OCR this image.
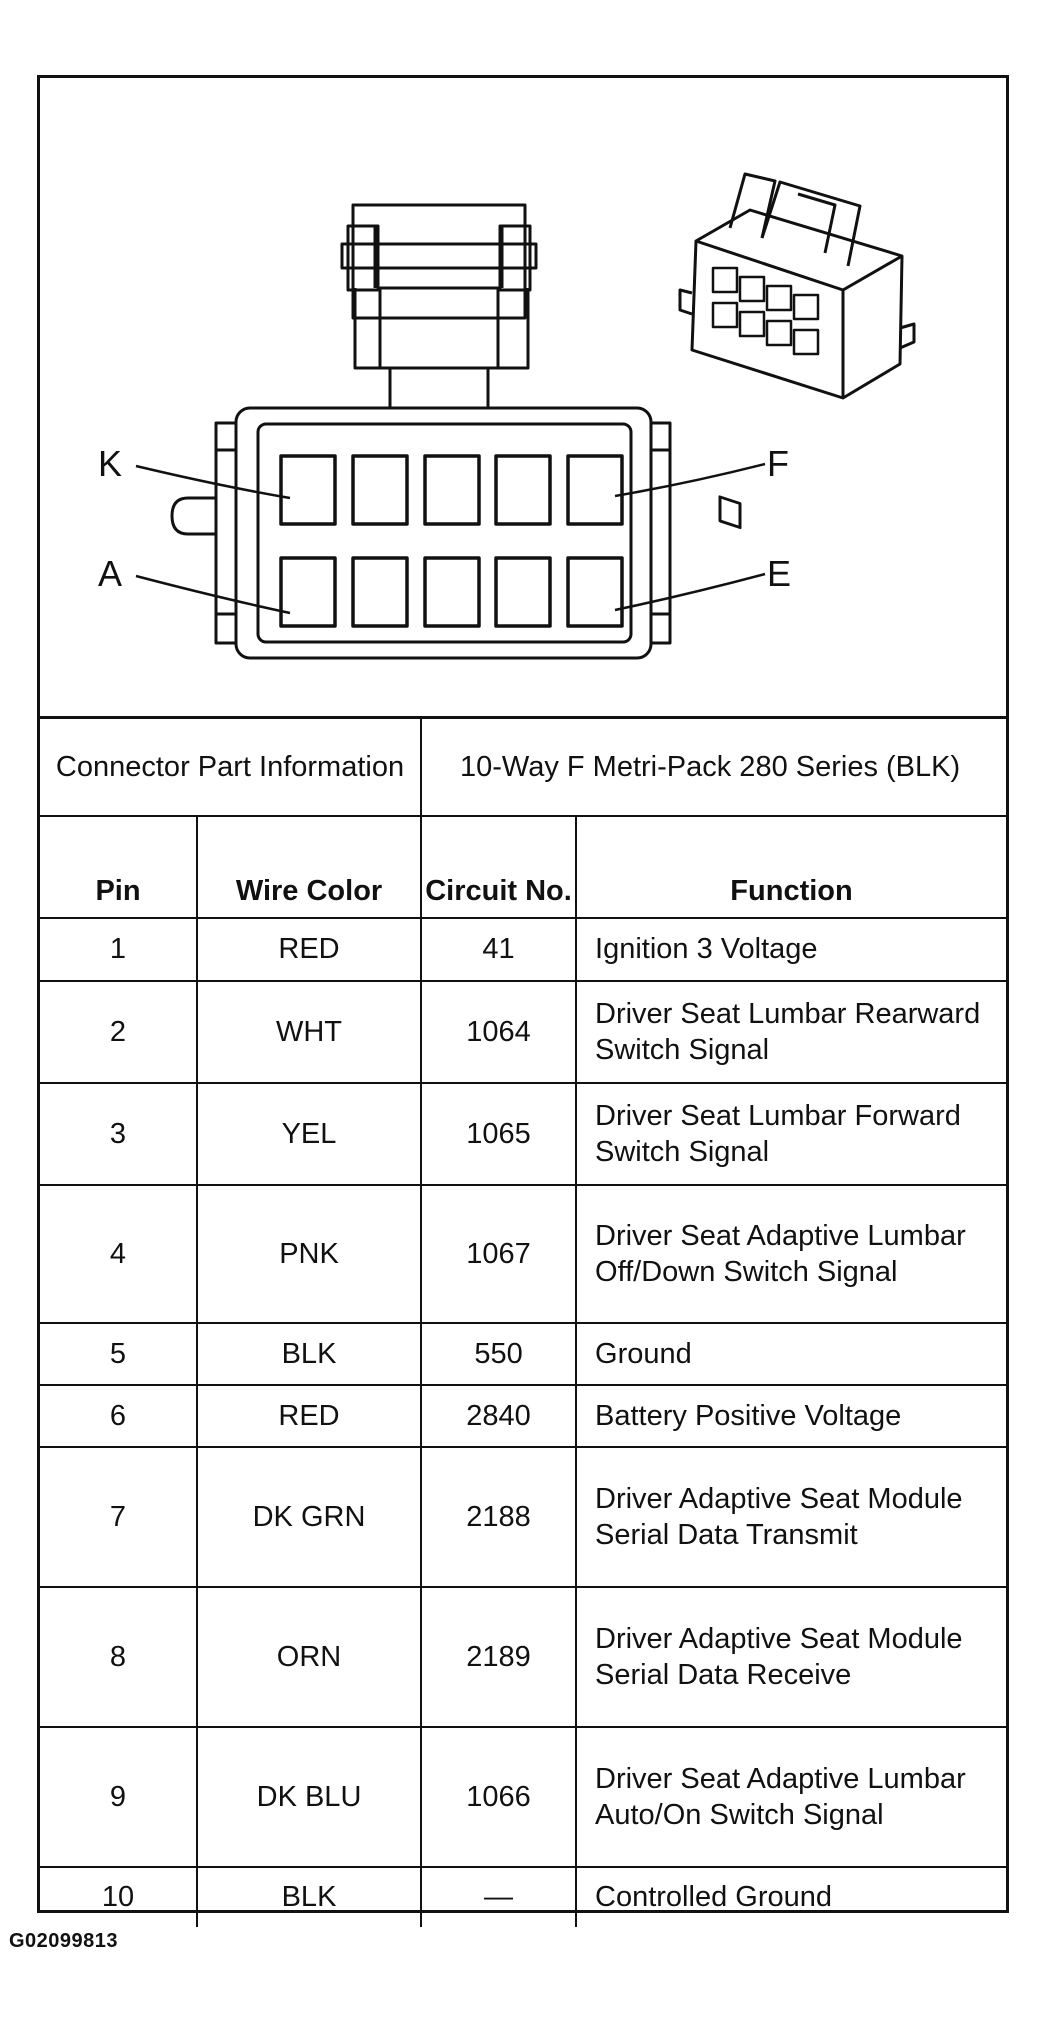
K	F
A	E
Connector Part Information		10-Way F Metri-Pack 280 Series (BLK)	
Pin	Wire Color	Circuit No.	Function
1	RED	41	Ignition 3 Voltage
2	WHT	1064	Driver Seat Lumbar Rearward Switch Signal
3	YEL	1065	Driver Seat Lumbar Forward Switch Signal
4	PNK	1067	Driver Seat Adaptive Lumbar Off/Down Switch Signal
5	BLK	550	Ground
6	RED	2840	Battery Positive Voltage
7	DK GRN	2188	Driver Adaptive Seat Module Serial Data Transmit
8	ORN	2189	Driver Adaptive Seat Module Serial Data Receive
9	DK BLU	1066	Driver Seat Adaptive Lumbar Auto/On Switch Signal
10	BLK	—	Controlled Ground
G02099813
